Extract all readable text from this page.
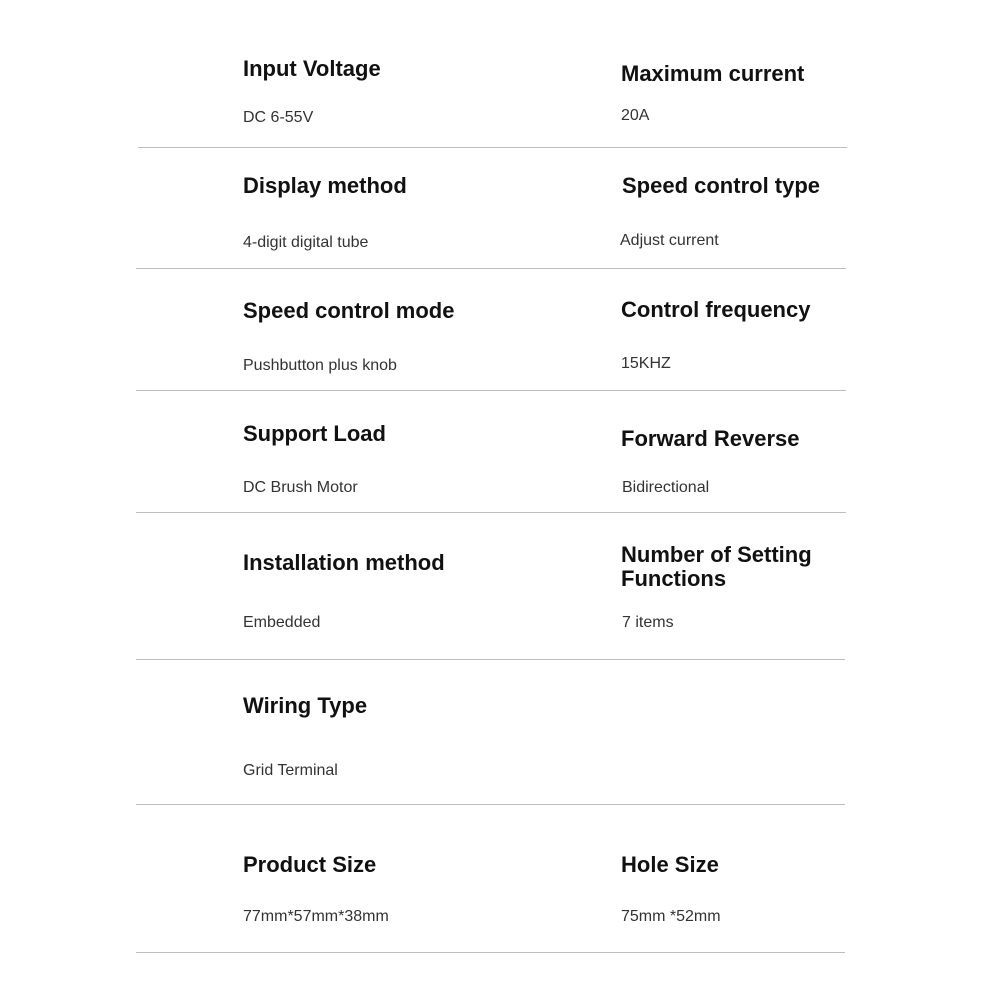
Input Voltage
DC 6-55V
Maximum current
20A
Display method
4-digit digital tube
Speed control type
Adjust current
Speed control mode
Pushbutton plus knob
Control frequency
15KHZ
Support Load
DC Brush Motor
Forward Reverse
Bidirectional
Installation method
Embedded
Number of Setting Functions
7 items
Wiring Type
Grid Terminal
Product Size
77mm*57mm*38mm
Hole Size
75mm *52mm
